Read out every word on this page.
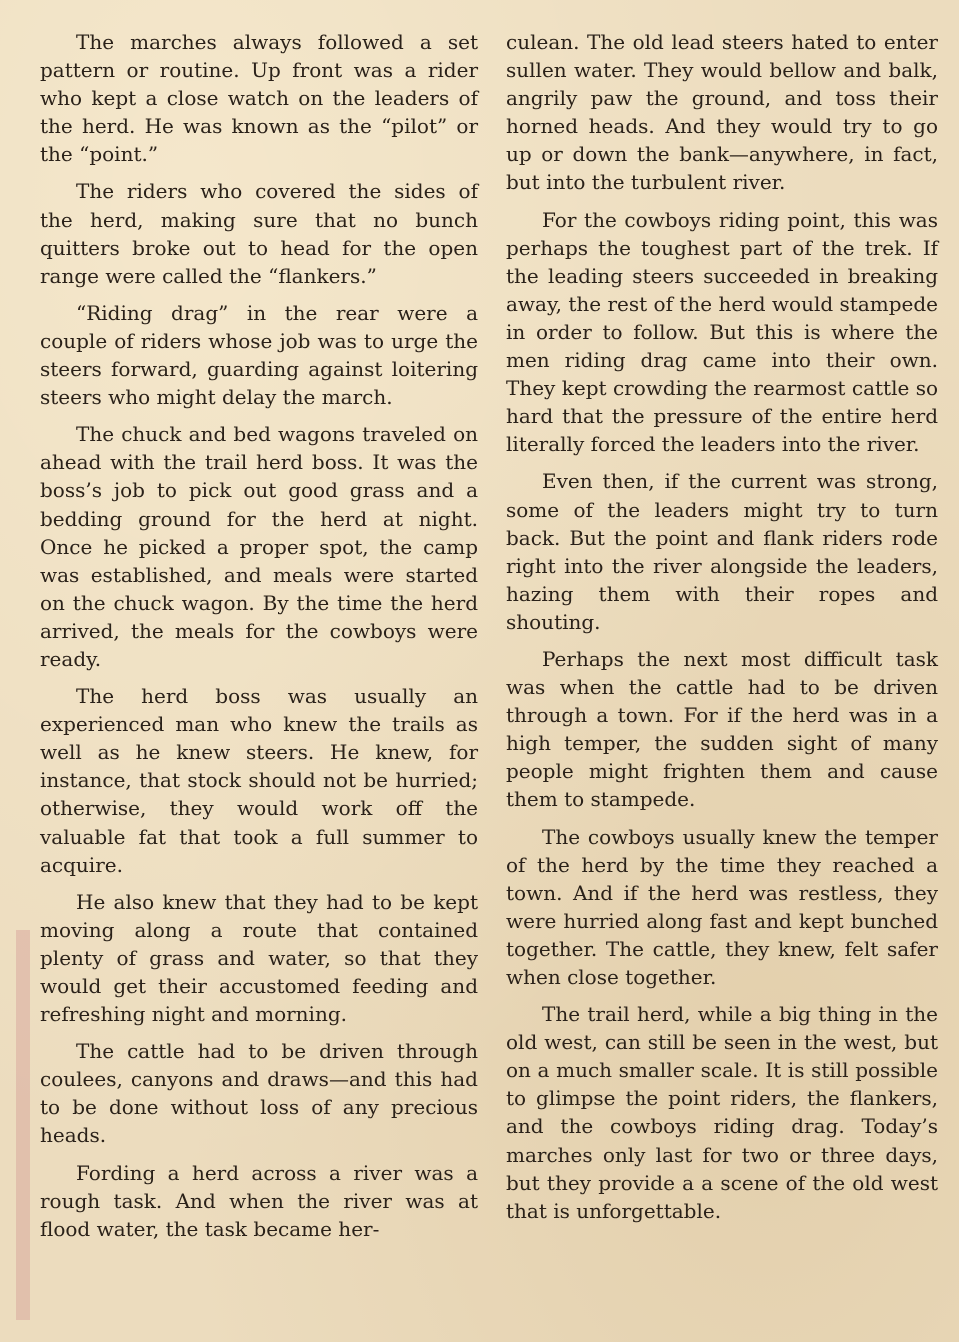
The marches always followed a set pattern or routine. Up front was a rider who kept a close watch on the leaders of the herd. He was known as the “pilot” or the “point.”

The riders who covered the sides of the herd, making sure that no bunch quitters broke out to head for the open range were called the “flankers.”

“Riding drag” in the rear were a couple of riders whose job was to urge the steers forward, guarding against loitering steers who might delay the march.

The chuck and bed wagons traveled on ahead with the trail herd boss. It was the boss’s job to pick out good grass and a bedding ground for the herd at night. Once he picked a proper spot, the camp was established, and meals were started on the chuck wagon. By the time the herd arrived, the meals for the cowboys were ready.

The herd boss was usually an experienced man who knew the trails as well as he knew steers. He knew, for instance, that stock should not be hurried; otherwise, they would work off the valuable fat that took a full summer to acquire.

He also knew that they had to be kept moving along a route that contained plenty of grass and water, so that they would get their accustomed feeding and refreshing night and morning.

The cattle had to be driven through coulees, canyons and draws—and this had to be done without loss of any precious heads.

Fording a herd across a river was a rough task. And when the river was at flood water, the task became her-

culean. The old lead steers hated to enter sullen water. They would bellow and balk, angrily paw the ground, and toss their horned heads. And they would try to go up or down the bank—anywhere, in fact, but into the turbulent river.

For the cowboys riding point, this was perhaps the toughest part of the trek. If the leading steers succeeded in breaking away, the rest of the herd would stampede in order to follow. But this is where the men riding drag came into their own. They kept crowding the rearmost cattle so hard that the pressure of the entire herd literally forced the leaders into the river.

Even then, if the current was strong, some of the leaders might try to turn back. But the point and flank riders rode right into the river alongside the leaders, hazing them with their ropes and shouting.

Perhaps the next most difficult task was when the cattle had to be driven through a town. For if the herd was in a high temper, the sudden sight of many people might frighten them and cause them to stampede.

The cowboys usually knew the temper of the herd by the time they reached a town. And if the herd was restless, they were hurried along fast and kept bunched together. The cattle, they knew, felt safer when close together.

The trail herd, while a big thing in the old west, can still be seen in the west, but on a much smaller scale. It is still possible to glimpse the point riders, the flankers, and the cowboys riding drag. Today’s marches only last for two or three days, but they provide a a scene of the old west that is unforgettable.
